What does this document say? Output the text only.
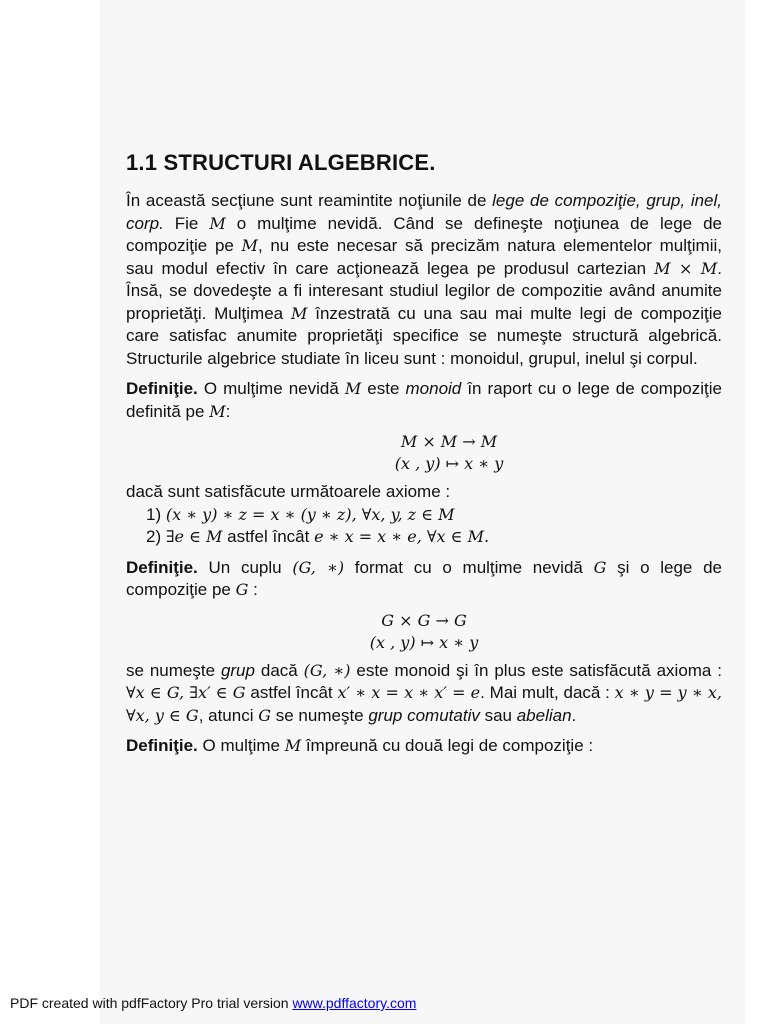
1.1 STRUCTURI ALGEBRICE.

În această secţiune sunt reamintite noţiunile de lege de compoziţie, grup, inel, corp. Fie M o mulţime nevidă. Când se defineşte noţiunea de lege de compoziţie pe M, nu este necesar să precizăm natura elementelor mulţimii, sau modul efectiv în care acţionează legea pe produsul cartezian M × M. Însă, se dovedeşte a fi interesant studiul legilor de compozitie având anumite proprietăţi. Mulţimea M înzestrată cu una sau mai multe legi de compoziţie care satisfac anumite proprietăţi specifice se numeşte structură algebrică. Structurile algebrice studiate în liceu sunt : monoidul, grupul, inelul şi corpul.

Definiţie. O mulţime nevidă M este monoid în raport cu o lege de compoziţie definită pe M:

M × M → M
(x , y) ↦ x ∗ y

dacă sunt satisfăcute următoarele axiome :

1) (x ∗ y) ∗ z = x ∗ (y ∗ z), ∀x, y, z ∈ M

2) ∃e ∈ M astfel încât e ∗ x = x ∗ e, ∀x ∈ M.

Definiţie. Un cuplu (G, ∗) format cu o mulţime nevidă G şi o lege de compoziţie pe G :

G × G → G
(x , y) ↦ x ∗ y

se numeşte grup dacă (G, ∗) este monoid şi în plus este satisfăcută axioma : ∀x ∈ G, ∃x′ ∈ G astfel încât x′ ∗ x = x ∗ x′ = e. Mai mult, dacă : x ∗ y = y ∗ x, ∀x, y ∈ G, atunci G se numeşte grup comutativ sau abelian.

Definiţie. O mulţime M împreună cu două legi de compoziţie :

PDF created with pdfFactory Pro trial version www.pdffactory.com
